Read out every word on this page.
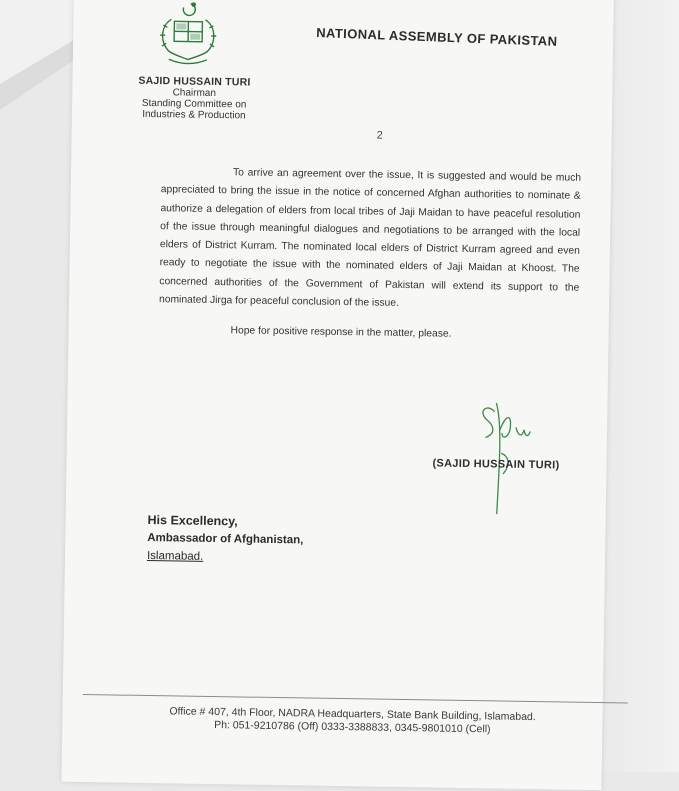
SAJID HUSSAIN TURI
Chairman
Standing Committee on
Industries & Production
NATIONAL ASSEMBLY OF PAKISTAN
2

To arrive an agreement over the issue, It is suggested and would be much appreciated to bring the issue in the notice of concerned Afghan authorities to nominate & authorize a delegation of elders from local tribes of Jaji Maidan to have peaceful resolution of the issue through meaningful dialogues and negotiations to be arranged with the local elders of District Kurram. The nominated local elders of District Kurram agreed and even ready to negotiate the issue with the nominated elders of Jaji Maidan at Khoost. The concerned authorities of the Government of Pakistan will extend its support to the nominated Jirga for peaceful conclusion of the issue.

Hope for positive response in the matter, please.

(SAJID HUSSAIN TURI)
His Excellency,
Ambassador of Afghanistan,
Islamabad.
Office # 407, 4th Floor, NADRA Headquarters, State Bank Building, Islamabad.
Ph: 051-9210786 (Off) 0333-3388833, 0345-9801010 (Cell)
